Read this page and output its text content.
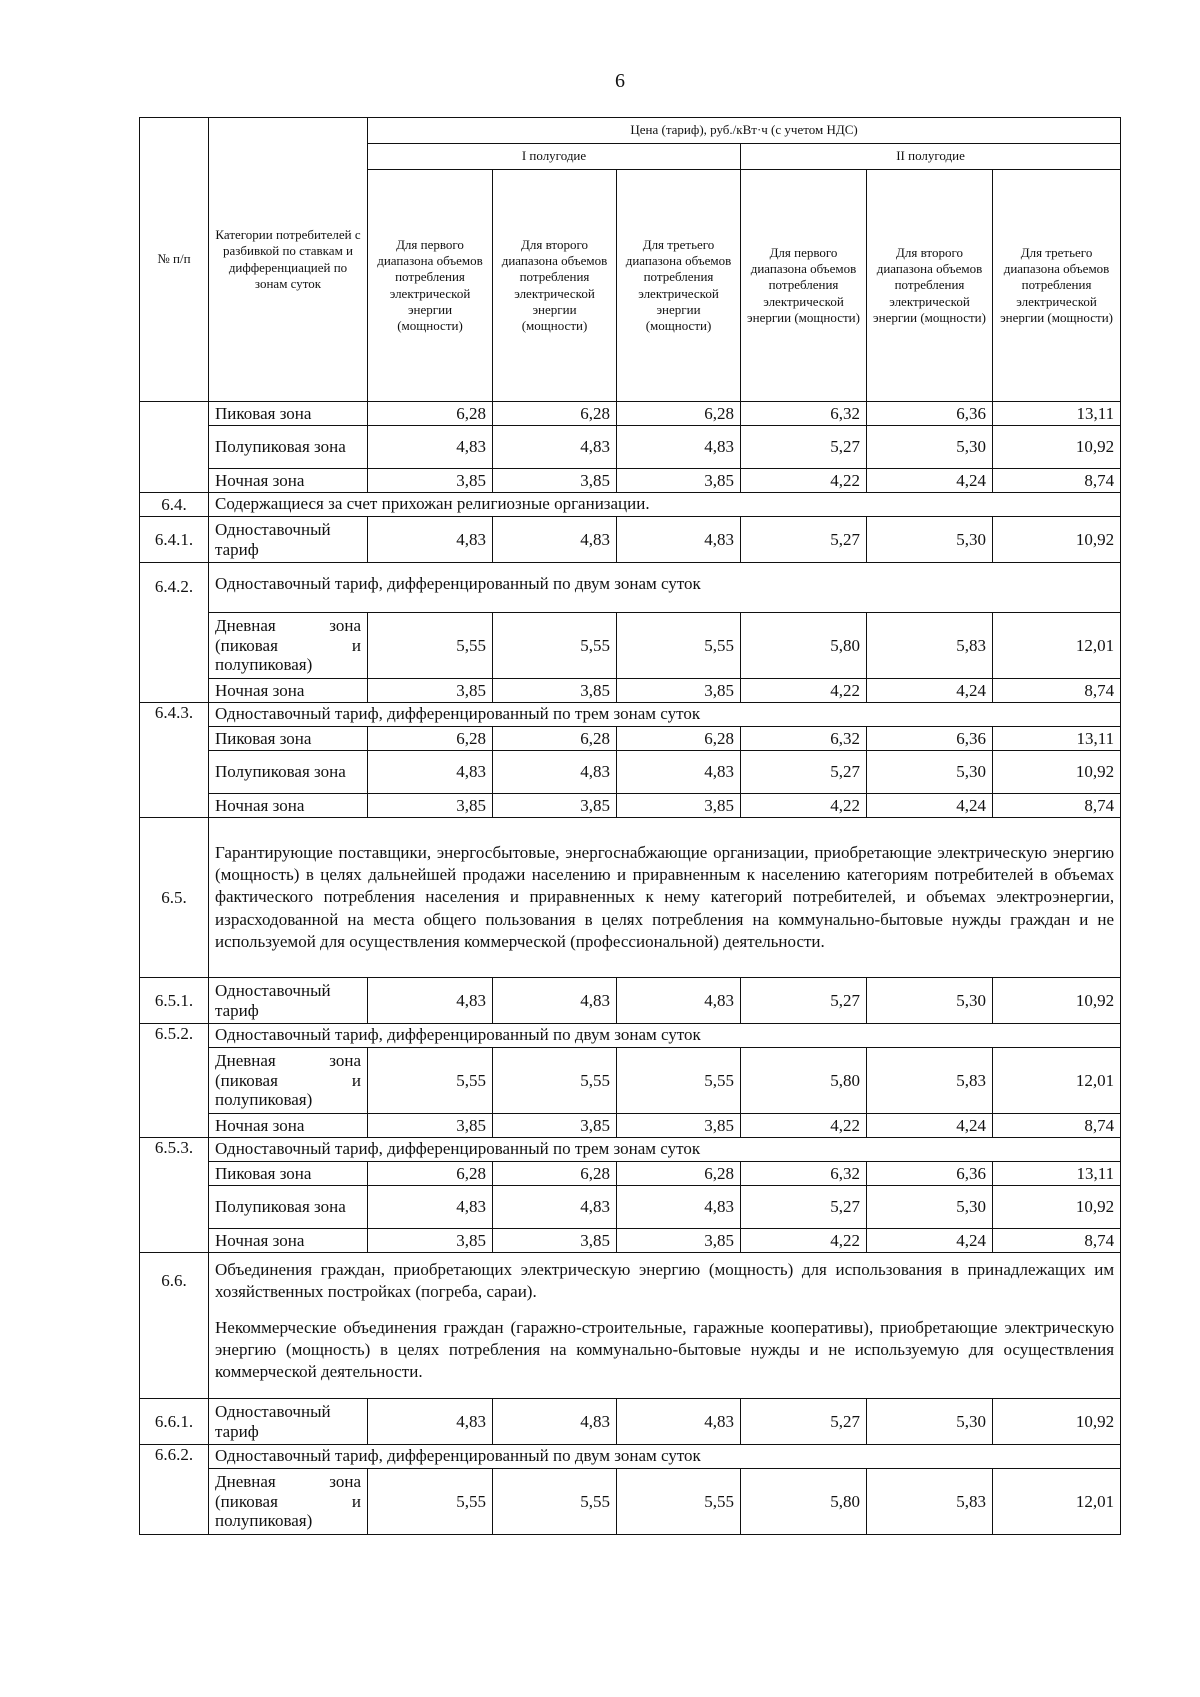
6
№ п/п	Категории потребителей с разбивкой по ставкам и дифференциацией по зонам суток	Цена (тариф), руб./кВт·ч (с учетом НДС)					
		I полугодие			II полугодие		
		Для первого диапазона объемов потребления электрической энергии (мощности)	Для второго диапазона объемов потребления электрической энергии (мощности)	Для третьего диапазона объемов потребления электрической энергии (мощности)	Для первого диапазона объемов потребления электрической энергии (мощности)	Для второго диапазона объемов потребления электрической энергии (мощности)	Для третьего диапазона объемов потребления электрической энергии (мощности)
	Пиковая зона	6,28	6,28	6,28	6,32	6,36	13,11
	Полупиковая зона	4,83	4,83	4,83	5,27	5,30	10,92
	Ночная зона	3,85	3,85	3,85	4,22	4,24	8,74
6.4.	Содержащиеся за счет прихожан религиозные организации.						
6.4.1.	Одноставочный тариф	4,83	4,83	4,83	5,27	5,30	10,92
6.4.2.	Одноставочный тариф, дифференцированный по двум зонам суток						
	Дневная зона (пиковая и полупиковая)	5,55	5,55	5,55	5,80	5,83	12,01
	Ночная зона	3,85	3,85	3,85	4,22	4,24	8,74
6.4.3.	Одноставочный тариф, дифференцированный по трем зонам суток						
	Пиковая зона	6,28	6,28	6,28	6,32	6,36	13,11
	Полупиковая зона	4,83	4,83	4,83	5,27	5,30	10,92
	Ночная зона	3,85	3,85	3,85	4,22	4,24	8,74
6.5.	Гарантирующие поставщики, энергосбытовые, энергоснабжающие организации, приобретающие электрическую энергию (мощность) в целях дальнейшей продажи населению и приравненным к населению категориям потребителей в объемах фактического потребления населения и приравненных к нему категорий потребителей, и объемах электроэнергии, израсходованной на места общего пользования в целях потребления на коммунально-бытовые нужды граждан и не используемой для осуществления коммерческой (профессиональной) деятельности.						
6.5.1.	Одноставочный тариф	4,83	4,83	4,83	5,27	5,30	10,92
6.5.2.	Одноставочный тариф, дифференцированный по двум зонам суток						
	Дневная зона (пиковая и полупиковая)	5,55	5,55	5,55	5,80	5,83	12,01
	Ночная зона	3,85	3,85	3,85	4,22	4,24	8,74
6.5.3.	Одноставочный тариф, дифференцированный по трем зонам суток						
	Пиковая зона	6,28	6,28	6,28	6,32	6,36	13,11
	Полупиковая зона	4,83	4,83	4,83	5,27	5,30	10,92
	Ночная зона	3,85	3,85	3,85	4,22	4,24	8,74
6.6.	Объединения граждан, приобретающих электрическую энергию (мощность) для использования в принадлежащих им хозяйственных постройках (погреба, сараи).
Некоммерческие объединения граждан (гаражно-строительные, гаражные кооперативы), приобретающие электрическую энергию (мощность) в целях потребления на коммунально-бытовые нужды и не используемую для осуществления коммерческой деятельности.						

6.6.1.	Одноставочный тариф	4,83	4,83	4,83	5,27	5,30	10,92
6.6.2.	Одноставочный тариф, дифференцированный по двум зонам суток						
	Дневная зона (пиковая и полупиковая)	5,55	5,55	5,55	5,80	5,83	12,01
